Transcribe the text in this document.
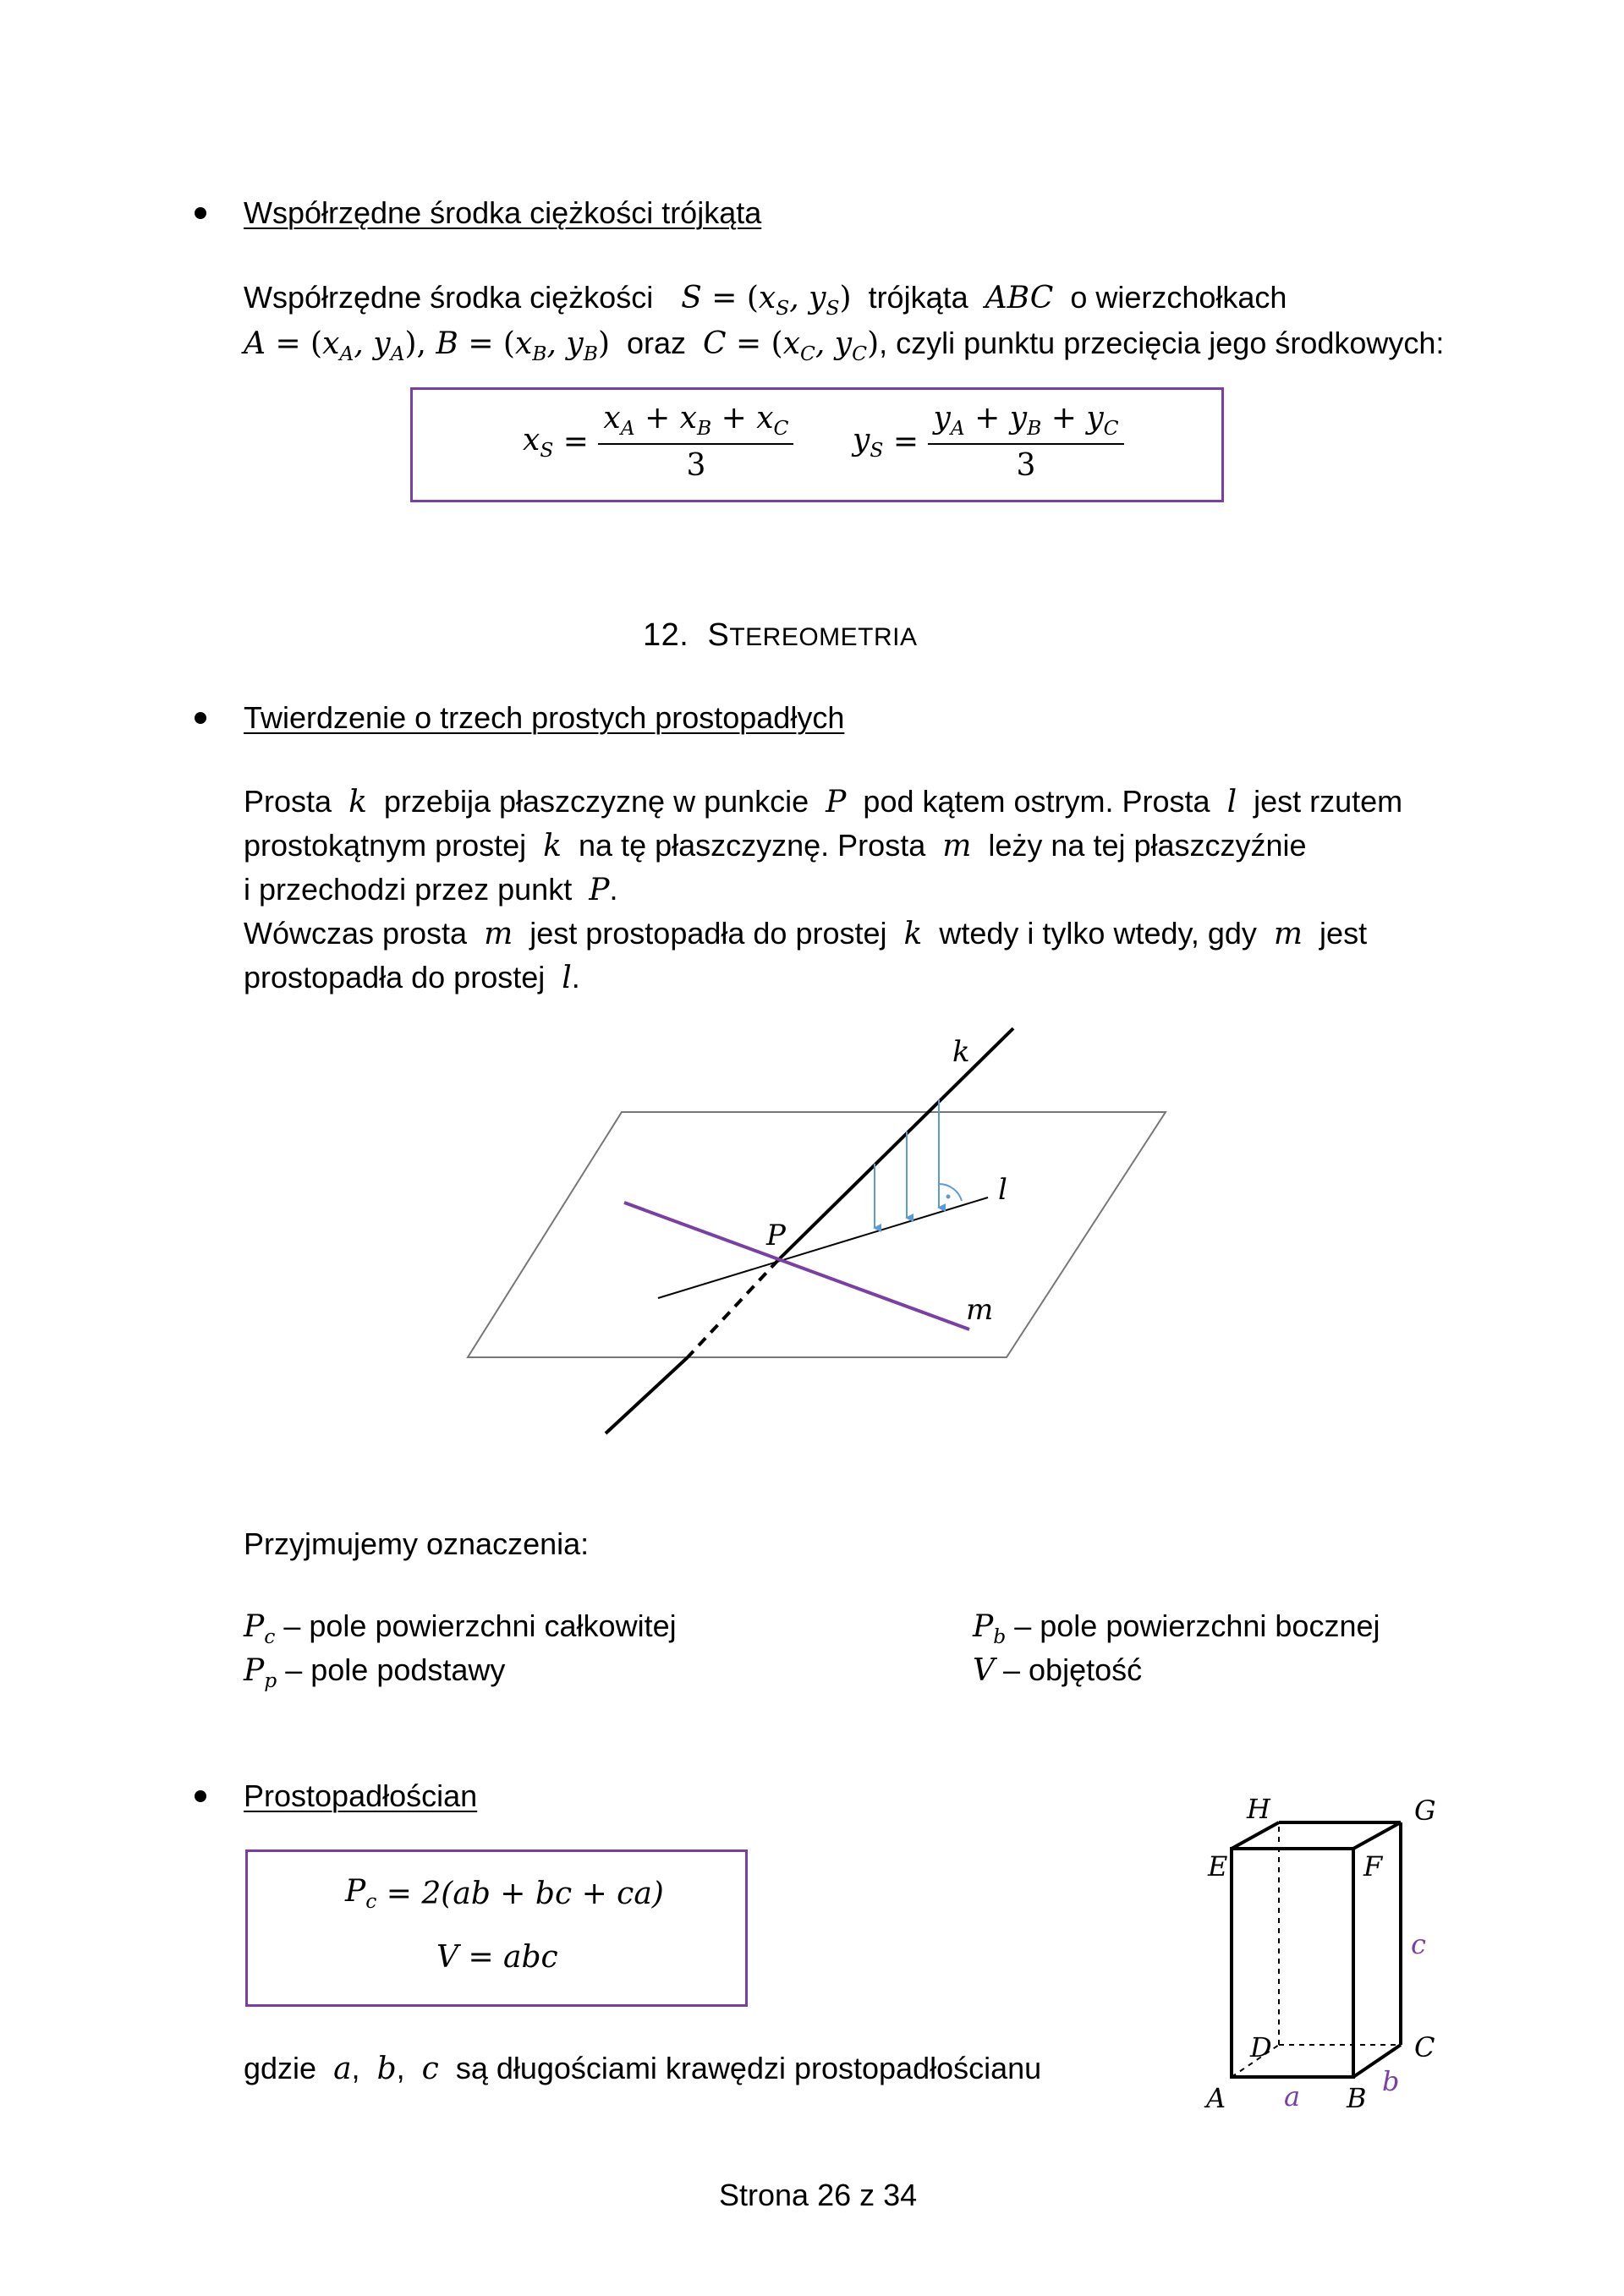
Współrzędne środka ciężkości trójkąta
Współrzędne środka ciężkości   $S = (x_S$, $y_S$) trójkąta ABC o wierzchołkach
$A = (x_A$, $y_A$), $B = (x_B$, $y_B$) oraz $C = (x_C$, $y_C$), czyli punktu przecięcia jego środkowych:
$x_S = \frac{x_A + x_B + x_C}{3} y_S = \frac{y_A + y_B + y_C}{3}$
12. STEREOMETRIA
Twierdzenie o trzech prostych prostopadłych
Prosta k przebija płaszczyznę w punkcie P pod kątem ostrym. Prosta l jest rzutem
prostokątnym prostej k na tę płaszczyznę. Prosta m leży na tej płaszczyźnie
i przechodzi przez punkt P.
Wówczas prosta m jest prostopadła do prostej k wtedy i tylko wtedy, gdy m jest
prostopadła do prostej l.
k
l
P
m
Przyjmujemy oznaczenia:
$P_c$ – pole powierzchni całkowitej
$P_p$ – pole podstawy
$P_b$ – pole powierzchni bocznej
V – objętość
Prostopadłościan
$P_c$
= 2(ab + bc + ca)
V = abc
gdzie a,  b,  c są długościami krawędzi prostopadłościanu
H	G
E	F
c
D	C
b
A a B
Strona 26 z 34
